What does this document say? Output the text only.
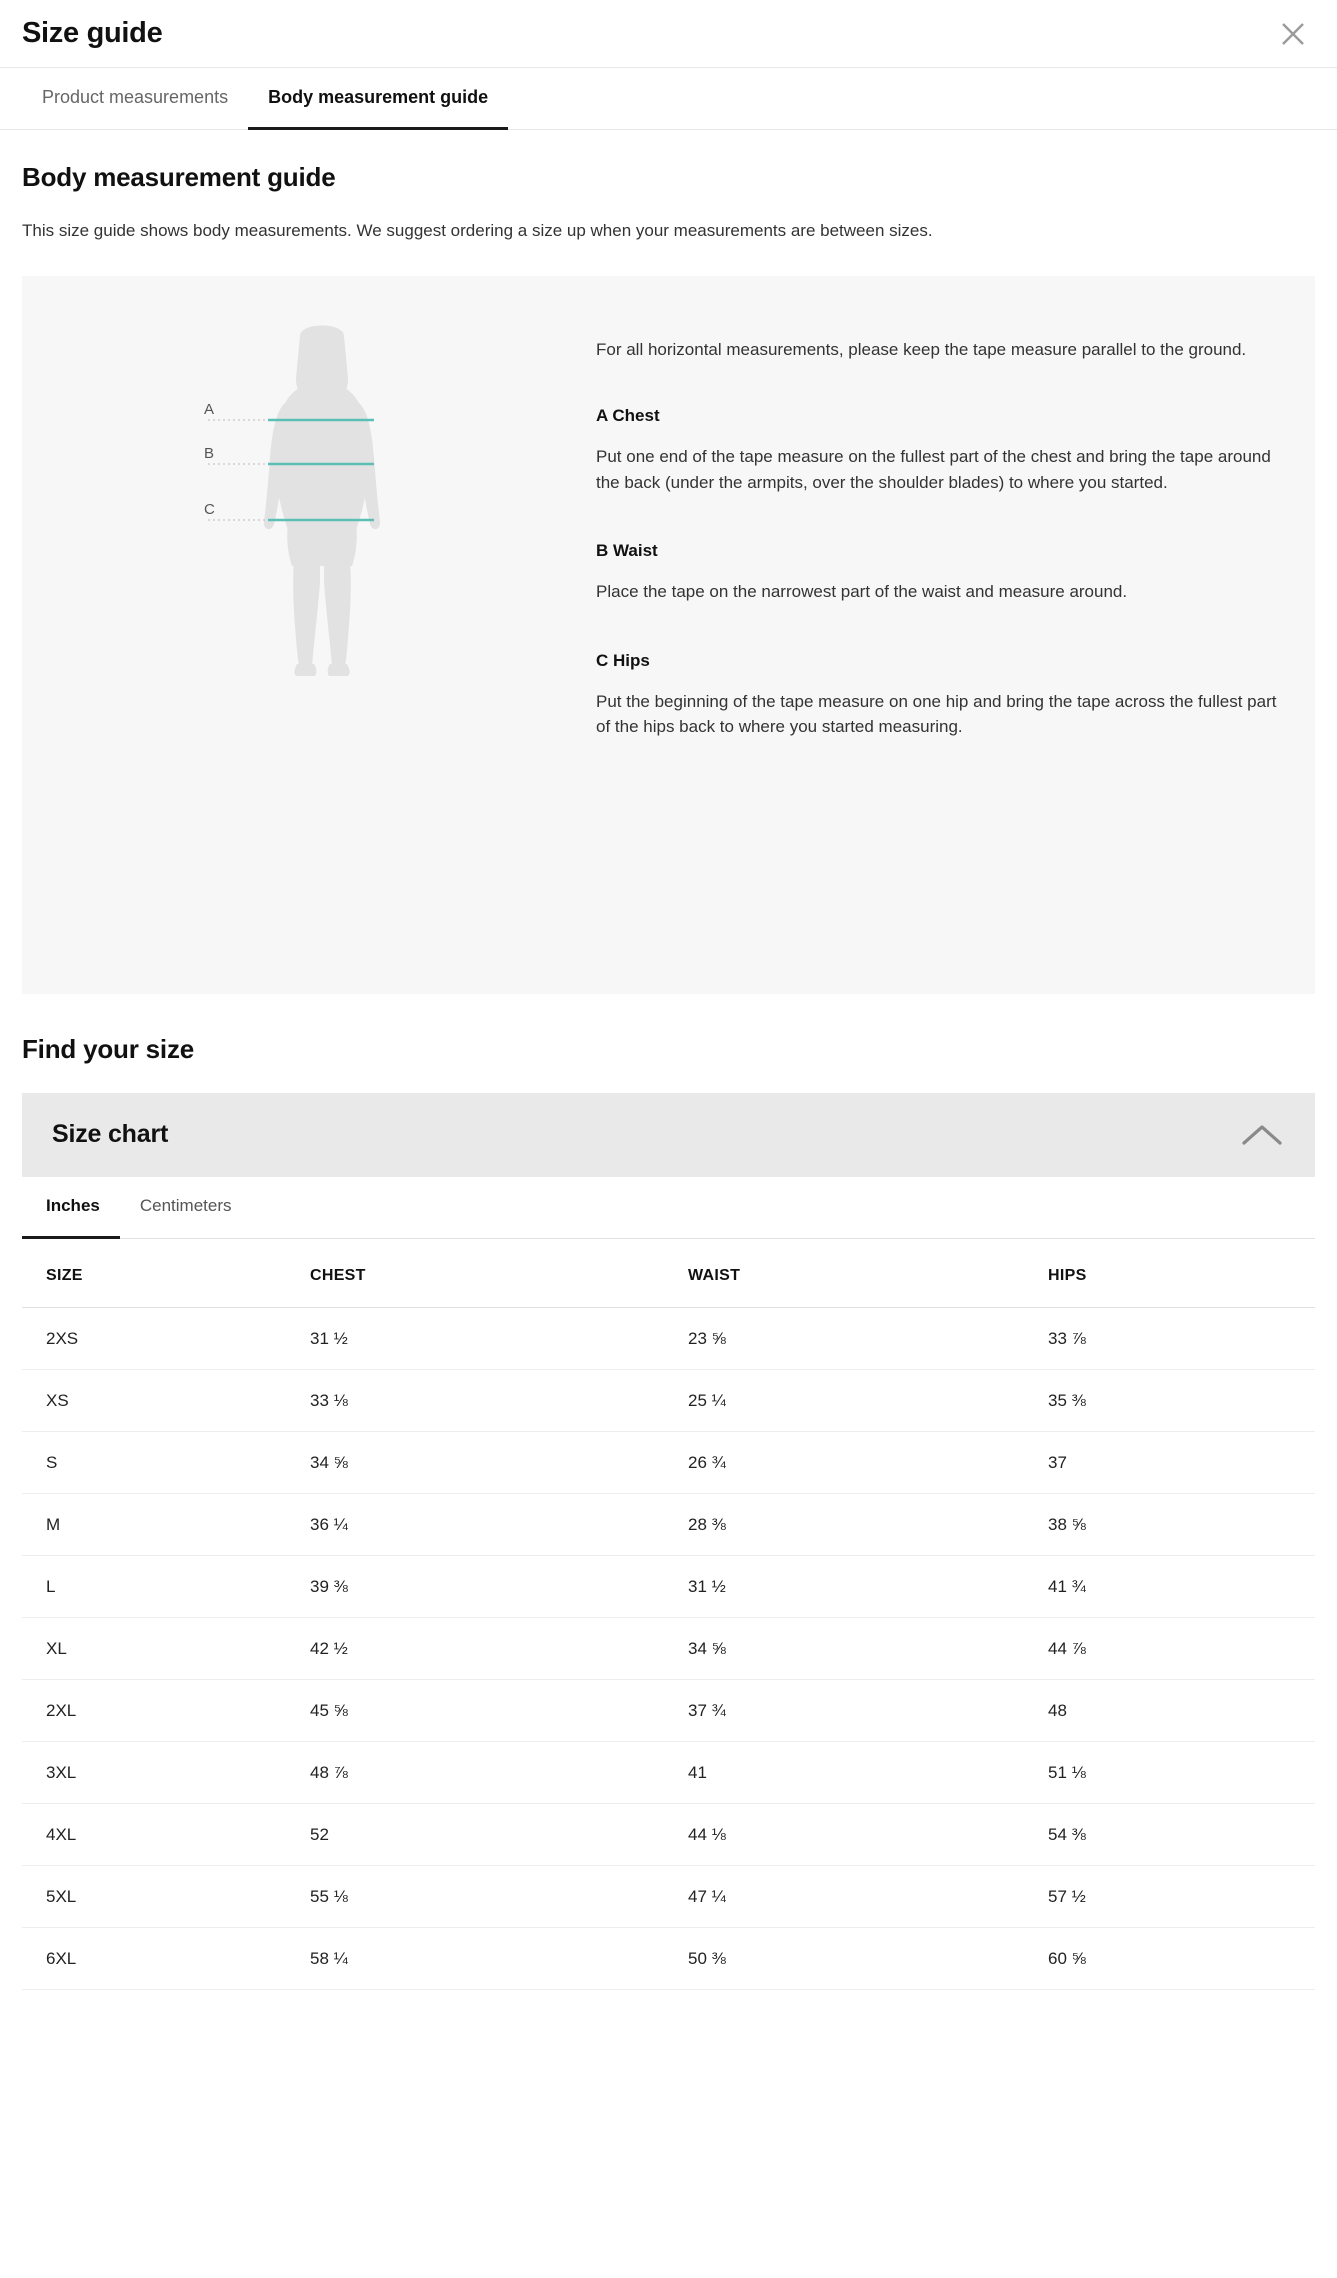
Size guide
Product measurements Body measurement guide
Body measurement guide

This size guide shows body measurements. We suggest ordering a size up when your measurements are between sizes.

A
B
C

For all horizontal measurements, please keep the tape measure parallel to the ground.

A Chest
Put one end of the tape measure on the fullest part of the chest and bring the tape around the back (under the armpits, over the shoulder blades) to where you started.
B Waist
Place the tape on the narrowest part of the waist and measure around.
C Hips
Put the beginning of the tape measure on one hip and bring the tape across the fullest part of the hips back to where you started measuring.
Find your size
Size chart
Inches Centimeters
SIZE	CHEST	WAIST	HIPS
2XS	31 ½	23 ⅝	33 ⅞
XS	33 ⅛	25 ¼	35 ⅜
S	34 ⅝	26 ¾	37
M	36 ¼	28 ⅜	38 ⅝
L	39 ⅜	31 ½	41 ¾
XL	42 ½	34 ⅝	44 ⅞
2XL	45 ⅝	37 ¾	48
3XL	48 ⅞	41	51 ⅛
4XL	52	44 ⅛	54 ⅜
5XL	55 ⅛	47 ¼	57 ½
6XL	58 ¼	50 ⅜	60 ⅝
